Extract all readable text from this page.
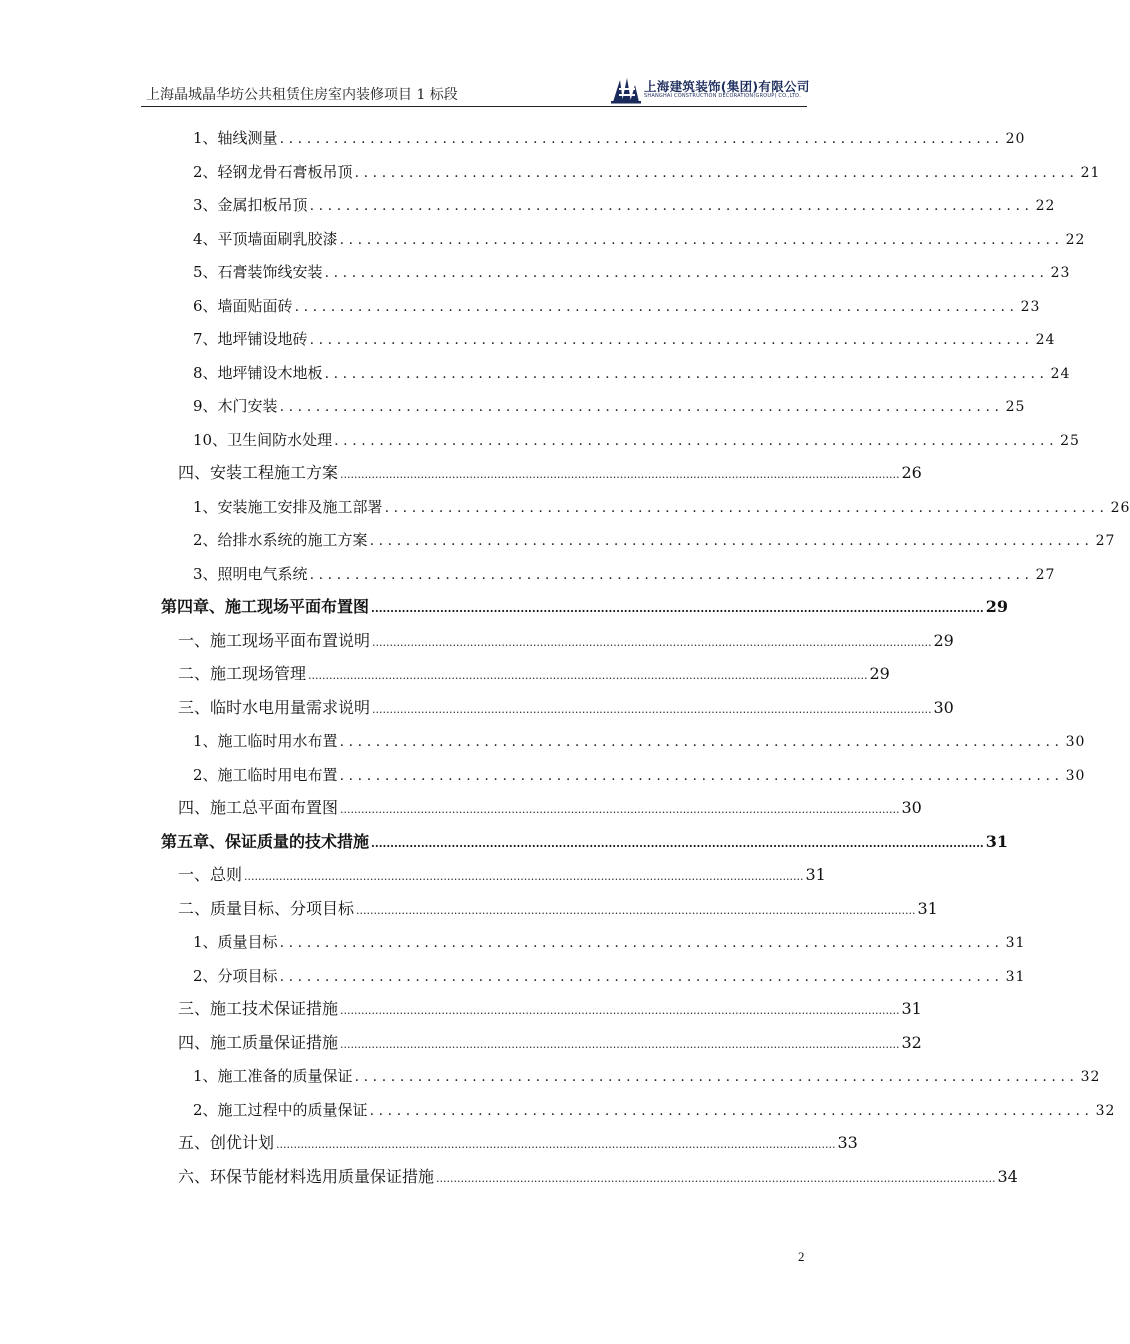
上海晶城晶华坊公共租赁住房室内装修项目 1 标段
上海建筑装饰(集团)有限公司
SHANGHAI CONSTRUCTION DECORATION(GROUP) CO.,LTD.
1、 轴线测量 ................................................................................ 20
2、 轻钢龙骨石膏板吊顶 ................................................................................ 21
3、 金属扣板吊顶 ................................................................................ 22
4、 平顶墙面刷乳胶漆 ................................................................................ 22
5、 石膏装饰线安装 ................................................................................ 23
6、 墙面贴面砖 ................................................................................ 23
7、 地坪铺设地砖 ................................................................................ 24
8、 地坪铺设木地板 ................................................................................ 24
9、 木门安装 ................................................................................ 25
10、 卫生间防水处理 ................................................................................ 25
四、 安装工程施工方案 ................................................................................................................................................................ 26
1、 安装施工安排及施工部署 ................................................................................ 26
2、 给排水系统的施工方案 ................................................................................ 27
3、 照明电气系统 ................................................................................ 27
第四章、 施工现场平面布置图 ................................................................................................................................................................ 29
一、 施工现场平面布置说明 ................................................................................................................................................................ 29
二、 施工现场管理 ................................................................................................................................................................ 29
三、 临时水电用量需求说明 ................................................................................................................................................................ 30
1、 施工临时用水布置 ................................................................................ 30
2、 施工临时用电布置 ................................................................................ 30
四、 施工总平面布置图 ................................................................................................................................................................ 30
第五章、 保证质量的技术措施 ................................................................................................................................................................ 31
一、 总则 ................................................................................................................................................................ 31
二、 质量目标、分项目标 ................................................................................................................................................................ 31
1、 质量目标 ................................................................................ 31
2、 分项目标 ................................................................................ 31
三、 施工技术保证措施 ................................................................................................................................................................ 31
四、 施工质量保证措施 ................................................................................................................................................................ 32
1、 施工准备的质量保证 ................................................................................ 32
2、 施工过程中的质量保证 ................................................................................ 32
五、 创优计划 ................................................................................................................................................................ 33
六、 环保节能材料选用质量保证措施 ................................................................................................................................................................ 34
2
